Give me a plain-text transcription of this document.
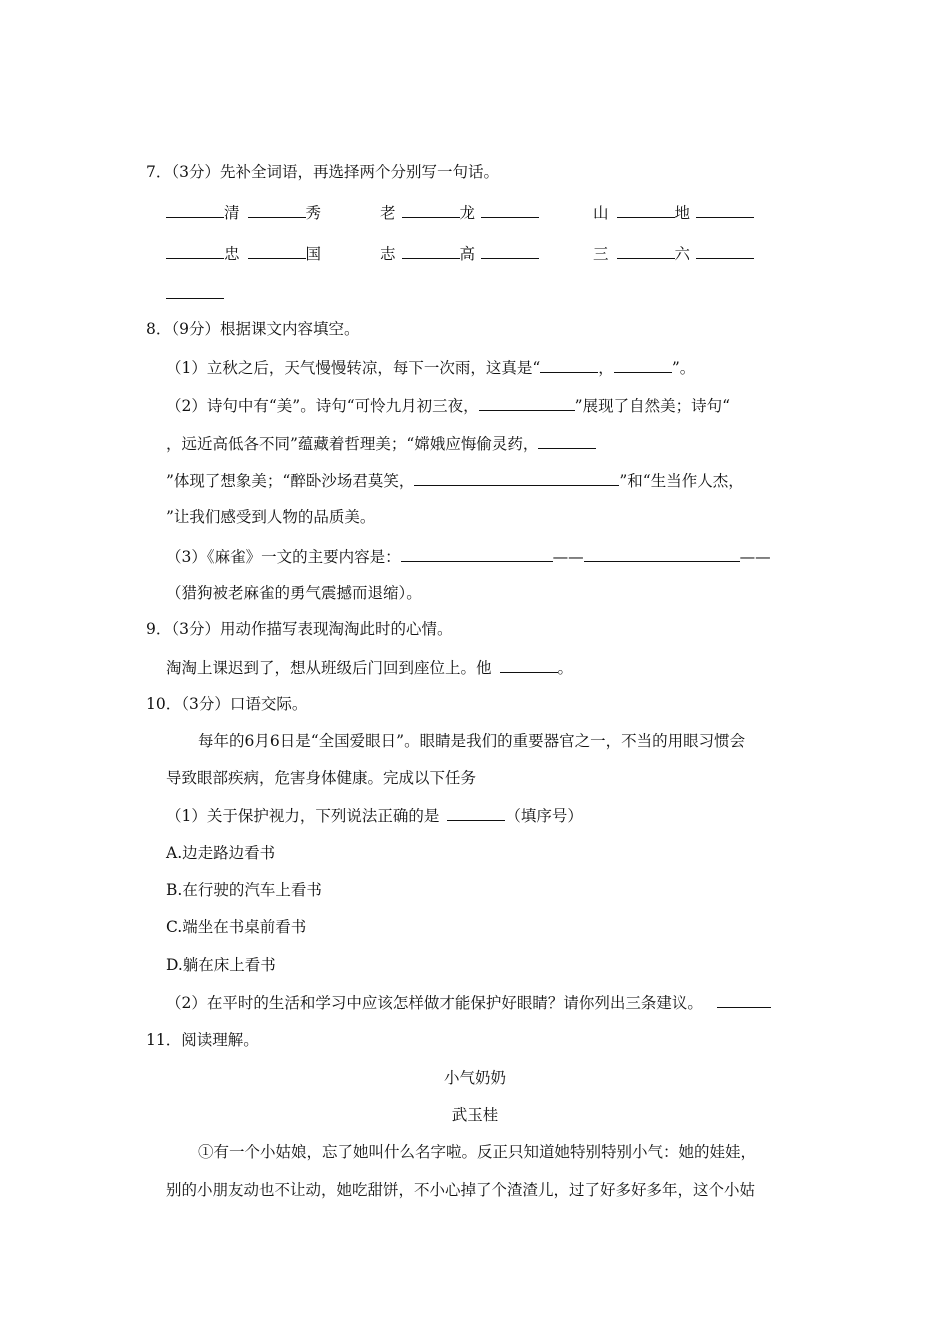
7．（3分）先补全词语，再选择两个分别写一句话。
清	秀	老	龙	山	地
忠	国	志	高	三	六
8．（9分）根据课文内容填空。
（1）立秋之后，天气慢慢转凉，每下一次雨，这真是“	，	”。
（2）诗句中有“美”。诗句“可怜九月初三夜，	”展现了自然美；诗句“
，远近高低各不同”蕴藏着哲理美；“嫦娥应悔偷灵药，
”体现了想象美；“醉卧沙场君莫笑，	”和“生当作人杰，
”让我们感受到人物的品质美。
（3）《麻雀》一文的主要内容是：	——	——
（猎狗被老麻雀的勇气震撼而退缩）。
9．（3分）用动作描写表现淘淘此时的心情。
淘淘上课迟到了，想从班级后门回到座位上。他	。
10．（3分）口语交际。
每年的6月6日是“全国爱眼日”。眼睛是我们的重要器官之一，不当的用眼习惯会
导致眼部疾病，危害身体健康。完成以下任务
（1）关于保护视力，下列说法正确的是	（填序号）
A.边走路边看书
B.在行驶的汽车上看书
C.端坐在书桌前看书
D.躺在床上看书
（2）在平时的生活和学习中应该怎样做才能保护好眼睛？请你列出三条建议。
11．阅读理解。
小气奶奶
武玉桂
①有一个小姑娘，忘了她叫什么名字啦。反正只知道她特别特别小气：她的娃娃，
别的小朋友动也不让动，她吃甜饼，不小心掉了个渣渣儿，过了好多好多年，这个小姑
